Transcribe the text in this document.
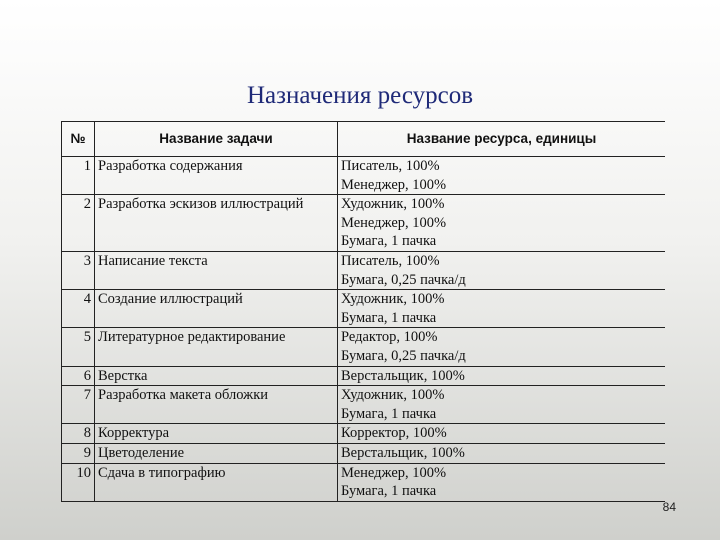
Назначения ресурсов
№	Название задачи	Название ресурса, единицы
1	Разработка содержания	Писатель, 100%
Менеджер, 100%

2	Разработка эскизов иллюстраций	Художник, 100%
Менеджер, 100%
Бумага, 1 пачка

3	Написание текста	Писатель, 100%
Бумага, 0,25 пачка/д

4	Создание иллюстраций	Художник, 100%
Бумага, 1 пачка

5	Литературное редактирование	Редактор, 100%
Бумага, 0,25 пачка/д

6	Верстка	Верстальщик, 100%

7	Разработка макета обложки	Художник, 100%
Бумага, 1 пачка

8	Корректура	Корректор, 100%

9	Цветоделение	Верстальщик, 100%

10	Сдача в типографию	Менеджер, 100%
Бумага, 1 пачка
84
